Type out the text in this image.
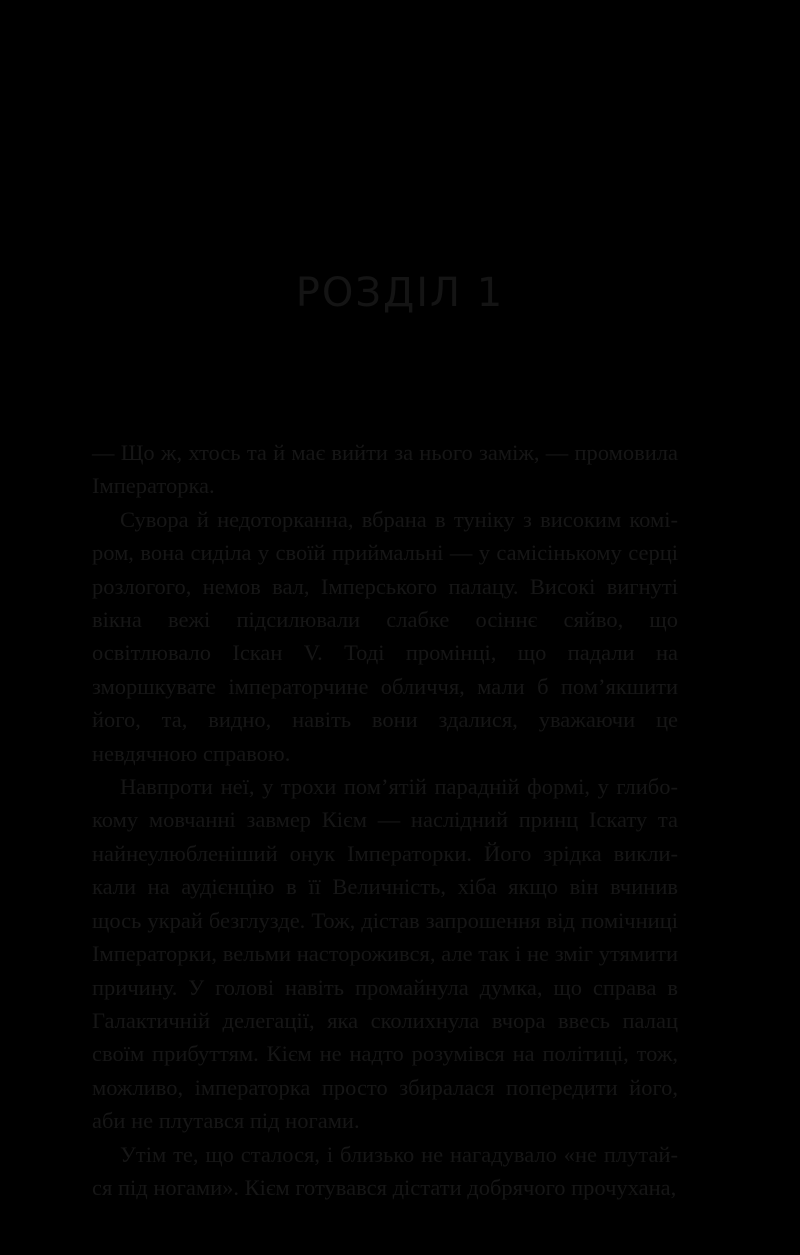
РОЗДІЛ 1

— Що ж, хтось та й має вийти за нього заміж, — промовила Імператорка.

Сувора й недоторканна, вбрана в туніку з високим коміром, вона сиділа у своїй приймальні — у самісінькому серці розлогого, немов вал, Імперського палацу. Високі вигнуті вікна вежі підсилювали слабке осіннє сяйво, що освітлювало Іскан V. Тоді промінці, що падали на зморшкувате імператорчине обличчя, мали б пом’якшити його, та, видно, навіть вони здалися, уважаючи це невдячною справою.

Навпроти неї, у трохи пом’ятій парадній формі, у глибокому мовчанні завмер Кієм — наслідний принц Іскату та найнеулюбленіший онук Імператорки. Його зрідка викликали на аудієнцію в її Величність, хіба якщо він вчинив щось украй безглузде. Тож, дістав запрошення від помічниці Імператорки, вельми насторожився, але так і не зміг утямити причину. У голові навіть промайнула думка, що справа в Галактичній делегації, яка сколихнула вчора ввесь палац своїм прибуттям. Кієм не надто розумівся на політиці, тож, можливо, імператорка просто збиралася попередити його, аби не плутався під ногами.

Утім те, що сталося, і близько не нагадувало «не плутайся під ногами». Кієм готувався дістати добрячого прочухана,
